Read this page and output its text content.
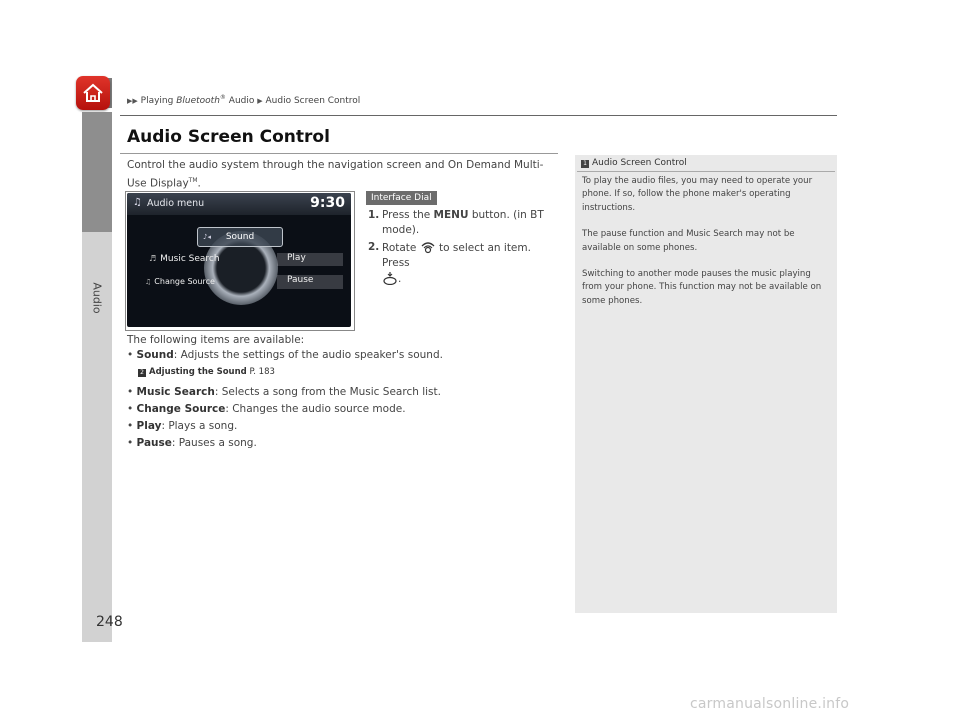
Audio
▶▶ Playing Bluetooth® Audio ▶ Audio Screen Control
Audio Screen Control
Control the audio system through the navigation screen and On Demand Multi-Use Display™.
♫ Audio menu	9:30
♪◂ Sound
♬ Music Search	Play
♫ Change Source	Pause
Interface Dial
1. Press the MENU button. (in BT mode).
2. Rotate  to select an item. Press
.
The following items are available:
• Sound: Adjusts the settings of the audio speaker's sound.
2 Adjusting the Sound P. 183
• Music Search: Selects a song from the Music Search list.
• Change Source: Changes the audio source mode.
• Play: Plays a song.
• Pause: Pauses a song.
1 Audio Screen Control

To play the audio files, you may need to operate your phone. If so, follow the phone maker's operating instructions.

The pause function and Music Search may not be available on some phones.

Switching to another mode pauses the music playing from your phone. This function may not be available on some phones.

248
carmanualsonline.info
